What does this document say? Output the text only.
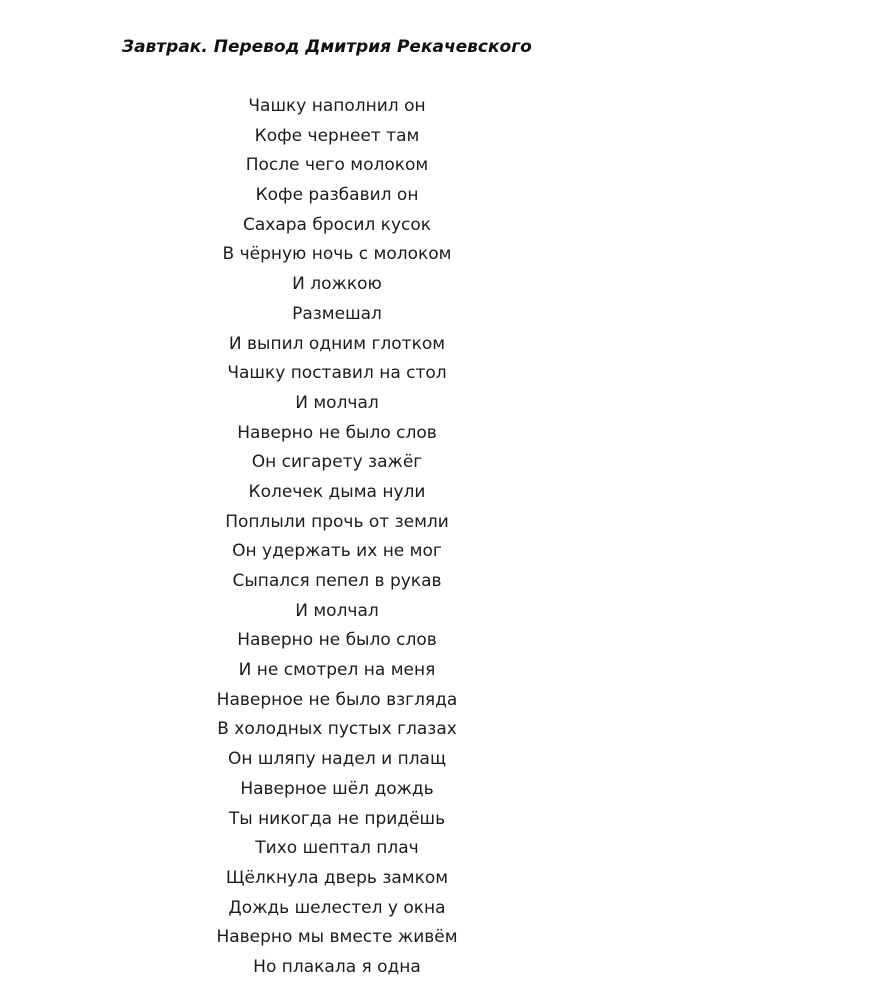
Завтрак. Перевод Дмитрия Рекачевского
Чашку наполнил он
Кофе чернеет там
После чего молоком
Кофе разбавил он
Сахара бросил кусок
В чёрную ночь с молоком
И ложкою
Размешал
И выпил одним глотком
Чашку поставил на стол
И молчал
Наверно не было слов
Он сигарету зажёг
Колечек дыма нули
Поплыли прочь от земли
Он удержать их не мог
Сыпался пепел в рукав
И молчал
Наверно не было слов
И не смотрел на меня
Наверное не было взгляда
В холодных пустых глазах
Он шляпу надел и плащ
Наверное шёл дождь
Ты никогда не придёшь
Тихо шептал плач
Щёлкнула дверь замком
Дождь шелестел у окна
Наверно мы вместе живём
Но плакала я одна
